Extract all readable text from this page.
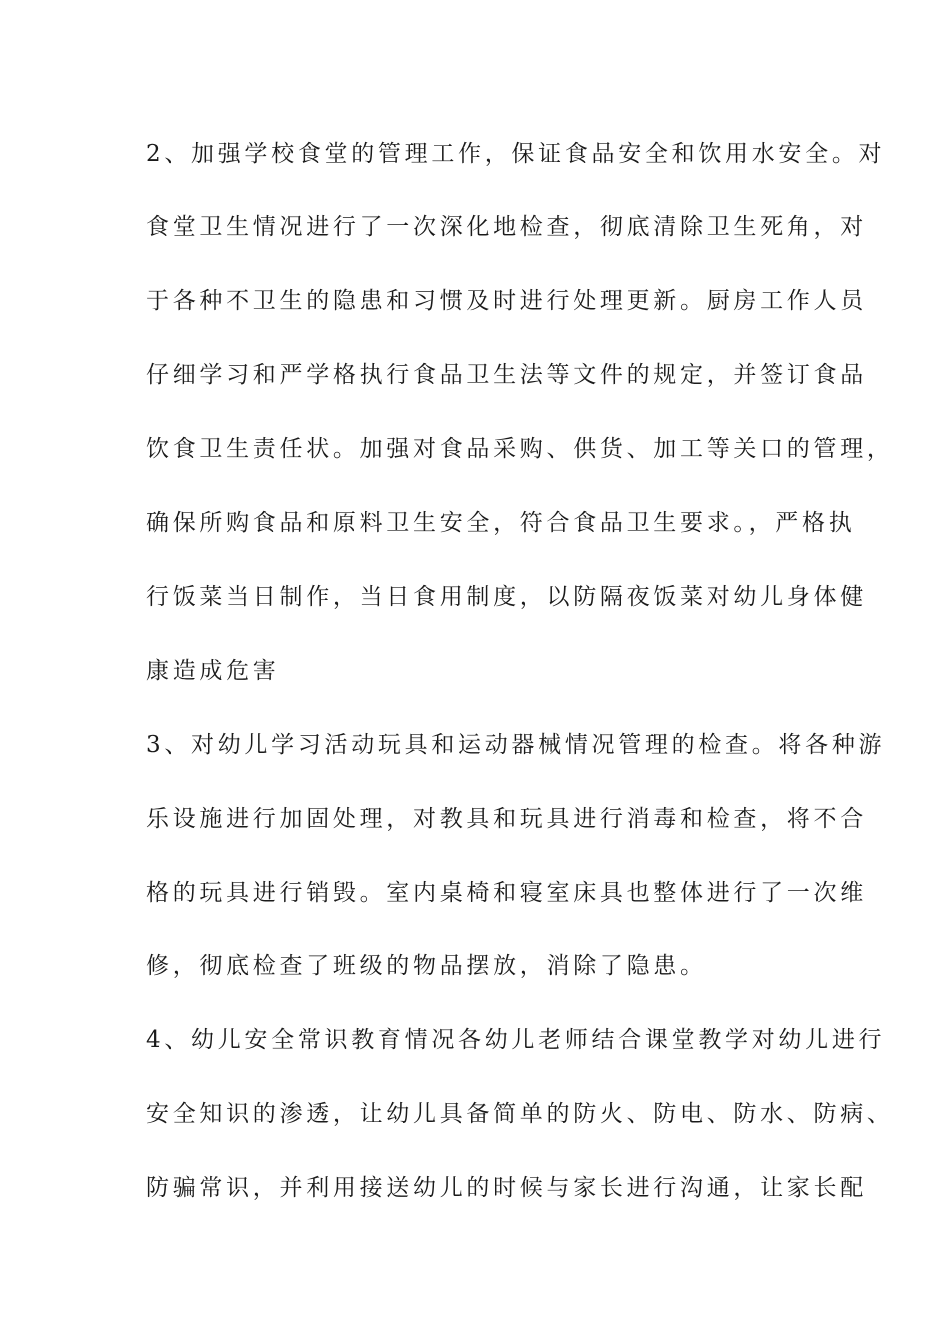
2、加强学校食堂的管理工作，保证食品安全和饮用水安全。对
食堂卫生情况进行了一次深化地检查，彻底清除卫生死角，对
于各种不卫生的隐患和习惯及时进行处理更新。厨房工作人员
仔细学习和严学格执行食品卫生法等文件的规定，并签订食品
饮食卫生责任状。加强对食品采购、供货、加工等关口的管理，
确保所购食品和原料卫生安全，符合食品卫生要求。，严格执
行饭菜当日制作，当日食用制度，以防隔夜饭菜对幼儿身体健
康造成危害
3、对幼儿学习活动玩具和运动器械情况管理的检查。将各种游
乐设施进行加固处理，对教具和玩具进行消毒和检查，将不合
格的玩具进行销毁。室内桌椅和寝室床具也整体进行了一次维
修，彻底检查了班级的物品摆放，消除了隐患。
4、幼儿安全常识教育情况各幼儿老师结合课堂教学对幼儿进行
安全知识的渗透，让幼儿具备简单的防火、防电、防水、防病、
防骗常识，并利用接送幼儿的时候与家长进行沟通，让家长配
